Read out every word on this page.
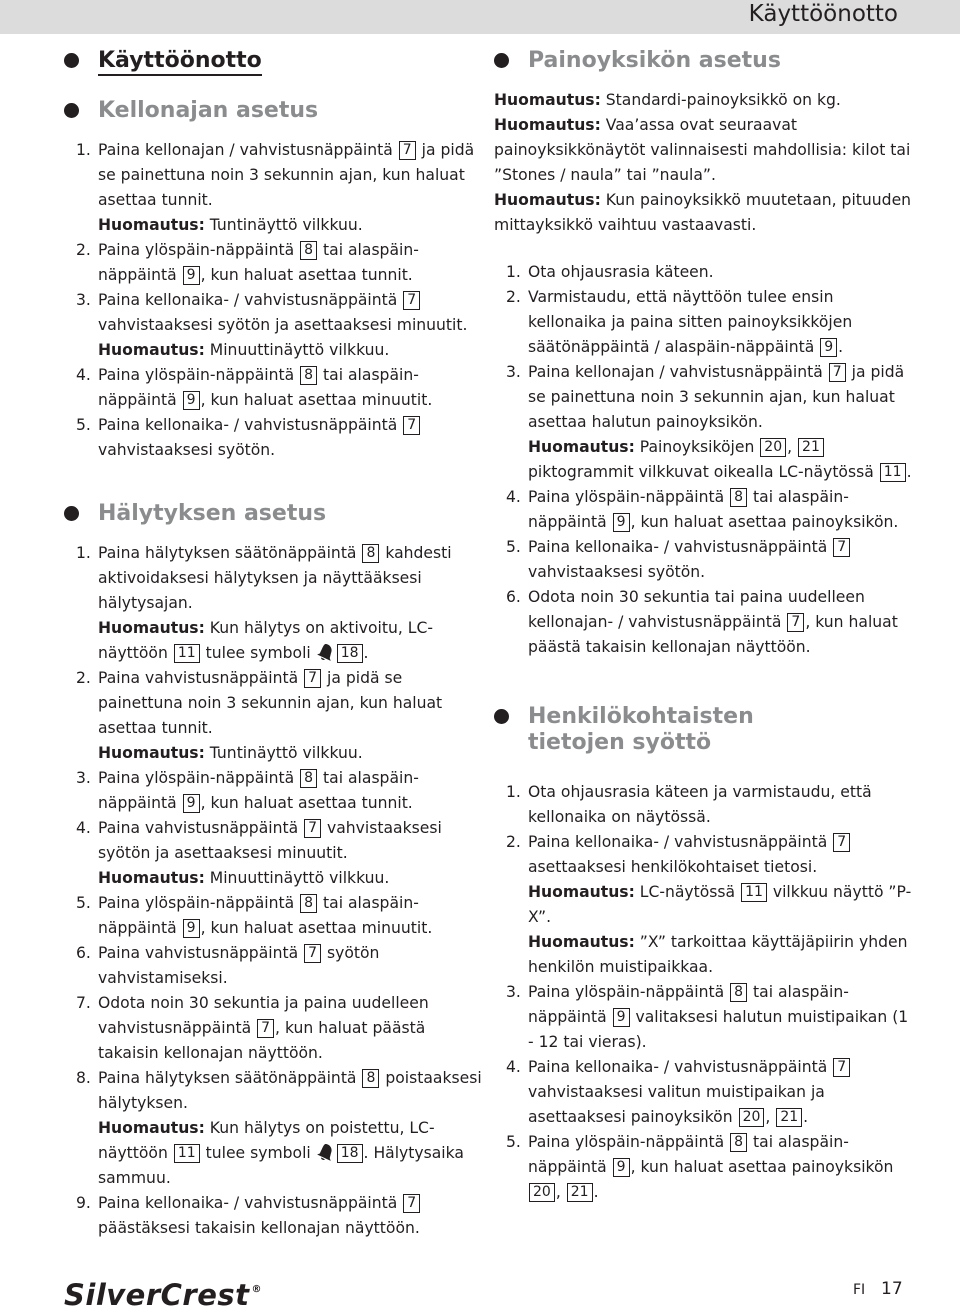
Käyttöönotto
Käyttöönotto
Kellonajan asetus
1. Paina kellonajan / vahvistusnäppäintä 7 ja pidä se painettuna noin 3 sekunnin ajan, kun haluat asettaa tunnit.
Huomautus: Tuntinäyttö vilkkuu.
2. Paina ylöspäin-näppäintä 8 tai alaspäin-näppäintä 9 , kun haluat asettaa tunnit.
3. Paina kellonaika- / vahvistusnäppäintä 7 vahvistaaksesi syötön ja asettaaksesi minuutit.
Huomautus: Minuuttinäyttö vilkkuu.
4. Paina ylöspäin-näppäintä 8 tai alaspäin-näppäintä 9 , kun haluat asettaa minuutit.
5. Paina kellonaika- / vahvistusnäppäintä 7 vahvistaaksesi syötön.
Hälytyksen asetus
1. Paina hälytyksen säätönäppäintä 8 kahdesti aktivoidaksesi hälytyksen ja näyttääksesi hälytysajan.
Huomautus: Kun hälytys on aktivoitu, LC-näyttöön 11 tulee symboli 18 .
2. Paina vahvistusnäppäintä 7 ja pidä se painettuna noin 3 sekunnin ajan, kun haluat asettaa tunnit.
Huomautus: Tuntinäyttö vilkkuu.
3. Paina ylöspäin-näppäintä 8 tai alaspäin-näppäintä 9 , kun haluat asettaa tunnit.
4. Paina vahvistusnäppäintä 7 vahvistaaksesi syötön ja asettaaksesi minuutit.
Huomautus: Minuuttinäyttö vilkkuu.
5. Paina ylöspäin-näppäintä 8 tai alaspäin-näppäintä 9 , kun haluat asettaa minuutit.
6. Paina vahvistusnäppäintä 7 syötön vahvistamiseksi.
7. Odota noin 30 sekuntia ja paina uudelleen vahvistusnäppäintä 7 , kun haluat päästä takaisin kellonajan näyttöön.
8. Paina hälytyksen säätönäppäintä 8 poistaaksesi hälytyksen.
Huomautus: Kun hälytys on poistettu, LC-näyttöön 11 tulee symboli 18 . Hälytysaika sammuu.
9. Paina kellonaika- / vahvistusnäppäintä 7 päästäksesi takaisin kellonajan näyttöön.
Painoyksikön asetus
Huomautus: Standardi-painoyksikkö on kg.
Huomautus: Vaa’assa ovat seuraavat painoyksikkönäytöt valinnaisesti mahdollisia: kilot tai ”Stones / naula” tai ”naula”.
Huomautus: Kun painoyksikkö muutetaan, pituuden mittayksikkö vaihtuu vastaavasti.
1. Ota ohjausrasia käteen.
2. Varmistaudu, että näyttöön tulee ensin kellonaika ja paina sitten painoyksikköjen säätönäppäintä / alaspäin-näppäintä 9 .
3. Paina kellonajan / vahvistusnäppäintä 7 ja pidä se painettuna noin 3 sekunnin ajan, kun haluat asettaa halutun painoyksikön.
Huomautus: Painoyksiköjen 20 , 21 piktogrammit vilkkuvat oikealla LC-näytössä 11 .
4. Paina ylöspäin-näppäintä 8 tai alaspäin-näppäintä 9 , kun haluat asettaa painoyksikön.
5. Paina kellonaika- / vahvistusnäppäintä 7 vahvistaaksesi syötön.
6. Odota noin 30 sekuntia tai paina uudelleen kellonajan- / vahvistusnäppäintä 7 , kun haluat päästä takaisin kellonajan näyttöön.
Henkilökohtaisten
tietojen syöttö
1. Ota ohjausrasia käteen ja varmistaudu, että kellonaika on näytössä.
2. Paina kellonaika- / vahvistusnäppäintä 7 asettaaksesi henkilökohtaiset tietosi.
Huomautus: LC-näytössä 11 vilkkuu näyttö ”P-X”.
Huomautus: ”X” tarkoittaa käyttäjäpiirin yhden henkilön muistipaikkaa.
3. Paina ylöspäin-näppäintä 8 tai alaspäin-näppäintä 9 valitaksesi halutun muistipaikan (1 - 12 tai vieras).
4. Paina kellonaika- / vahvistusnäppäintä 7 vahvistaaksesi valitun muistipaikan ja asettaaksesi painoyksikön 20 , 21 .
5. Paina ylöspäin-näppäintä 8 tai alaspäin-näppäintä 9 , kun haluat asettaa painoyksikön 20 , 21 .
SilverCrest ®	FI 17
